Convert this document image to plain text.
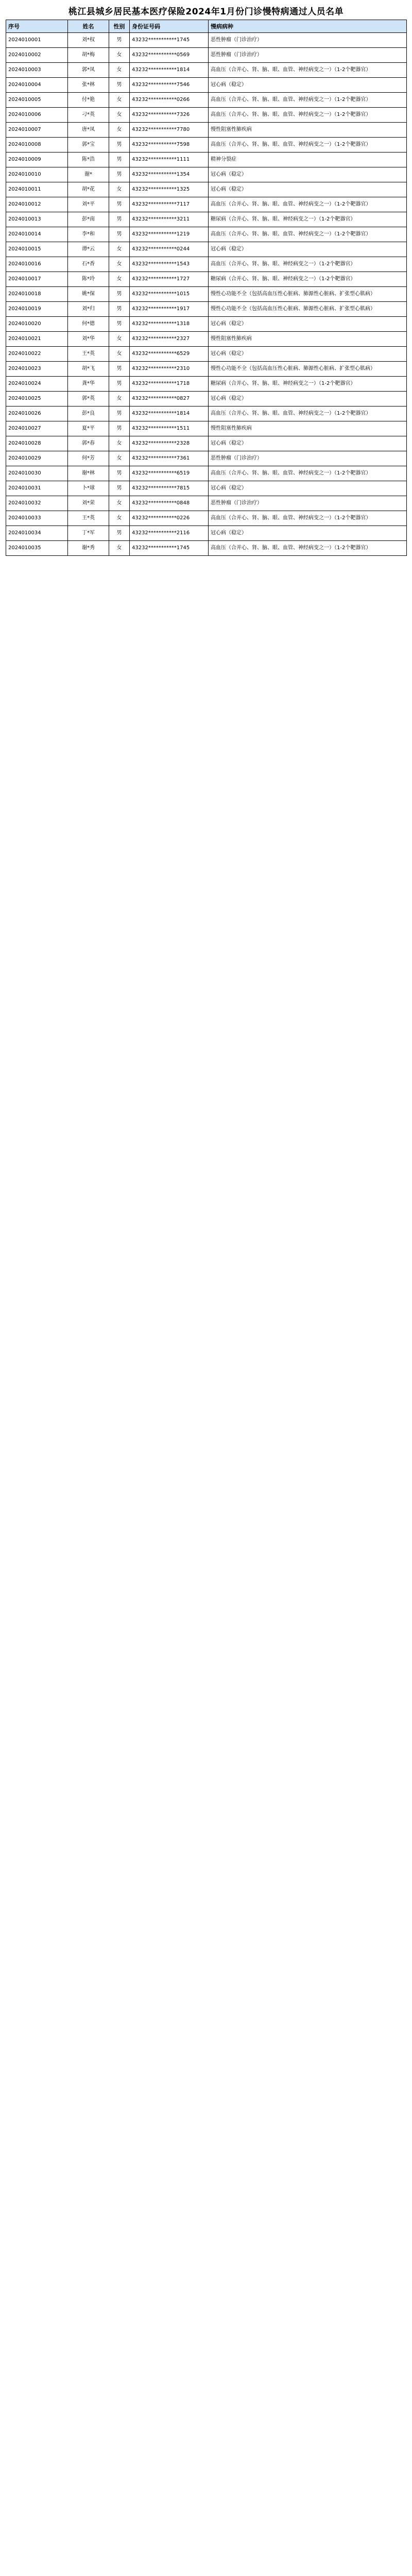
桃江县城乡居民基本医疗保险2024年1月份门诊慢特病通过人员名单
序号	姓名	性别	身份证号码	慢病病种
2024010001	刘*权	男	43232***********1745	恶性肿瘤（门诊治疗）
2024010002	胡*梅	女	43232***********0569	恶性肿瘤（门诊治疗）
2024010003	郭*凤	女	43232***********1814	高血压（合并心、肾、脑、眼、血管、神经病变之一）（1-2个靶器官）
2024010004	张*林	男	43232***********7546	冠心病（稳定）
2024010005	付*艳	女	43232***********0266	高血压（合并心、肾、脑、眼、血管、神经病变之一）（1-2个靶器官）
2024010006	刁*英	女	43232***********7326	高血压（合并心、肾、脑、眼、血管、神经病变之一）（1-2个靶器官）
2024010007	唐*凤	女	43232***********7780	慢性阻塞性肺疾病
2024010008	郭*宝	男	43232***********7598	高血压（合并心、肾、脑、眼、血管、神经病变之一）（1-2个靶器官）
2024010009	陈*浩	男	43232***********1111	精神分裂症
2024010010	谢*	男	43232***********1354	冠心病（稳定）
2024010011	胡*花	女	43232***********1325	冠心病（稳定）
2024010012	刘*平	男	43232***********7117	高血压（合并心、肾、脑、眼、血管、神经病变之一）（1-2个靶器官）
2024010013	彭*南	男	43232***********3211	糖尿病（合并心、肾、脑、眼、神经病变之一）（1-2个靶器官）
2024010014	李*和	男	43232***********1219	高血压（合并心、肾、脑、眼、血管、神经病变之一）（1-2个靶器官）
2024010015	谭*云	女	43232***********0244	冠心病（稳定）
2024010016	石*香	女	43232***********1543	高血压（合并心、肾、脑、眼、神经病变之一）（1-2个靶器官）
2024010017	陈*玲	女	43232***********1727	糖尿病（合并心、肾、脑、眼、神经病变之一）（1-2个靶器官）
2024010018	姚*保	男	43232***********1015	慢性心功能不全（包括高血压性心脏病、肺源性心脏病、扩张型心肌病）
2024010019	刘*归	男	43232***********1917	慢性心功能不全（包括高血压性心脏病、肺源性心脏病、扩张型心肌病）
2024010020	何*德	男	43232***********1318	冠心病（稳定）
2024010021	刘*华	女	43232***********2327	慢性阻塞性肺疾病
2024010022	王*英	女	43232***********6529	冠心病（稳定）
2024010023	胡*飞	男	43232***********2310	慢性心功能不全（包括高血压性心脏病、肺源性心脏病、扩张型心肌病）
2024010024	龚*华	男	43232***********1718	糖尿病（合并心、肾、脑、眼、神经病变之一）（1-2个靶器官）
2024010025	郭*英	女	43232***********0827	冠心病（稳定）
2024010026	彭*良	男	43232***********1814	高血压（合并心、肾、脑、眼、血管、神经病变之一）（1-2个靶器官）
2024010027	夏*平	男	43232***********1511	慢性阻塞性肺疾病
2024010028	郭*春	女	43232***********2328	冠心病（稳定）
2024010029	何*芳	女	43232***********7361	恶性肿瘤（门诊治疗）
2024010030	谢*林	男	43232***********6519	高血压（合并心、肾、脑、眼、血管、神经病变之一）（1-2个靶器官）
2024010031	卜*球	男	43232***********7815	冠心病（稳定）
2024010032	刘*荣	女	43232***********0848	恶性肿瘤（门诊治疗）
2024010033	王*英	女	43232***********0226	高血压（合并心、肾、脑、眼、血管、神经病变之一）（1-2个靶器官）
2024010034	丁*军	男	43232***********2116	冠心病（稳定）
2024010035	谢*秀	女	43232***********1745	高血压（合并心、肾、脑、眼、血管、神经病变之一）（1-2个靶器官）
